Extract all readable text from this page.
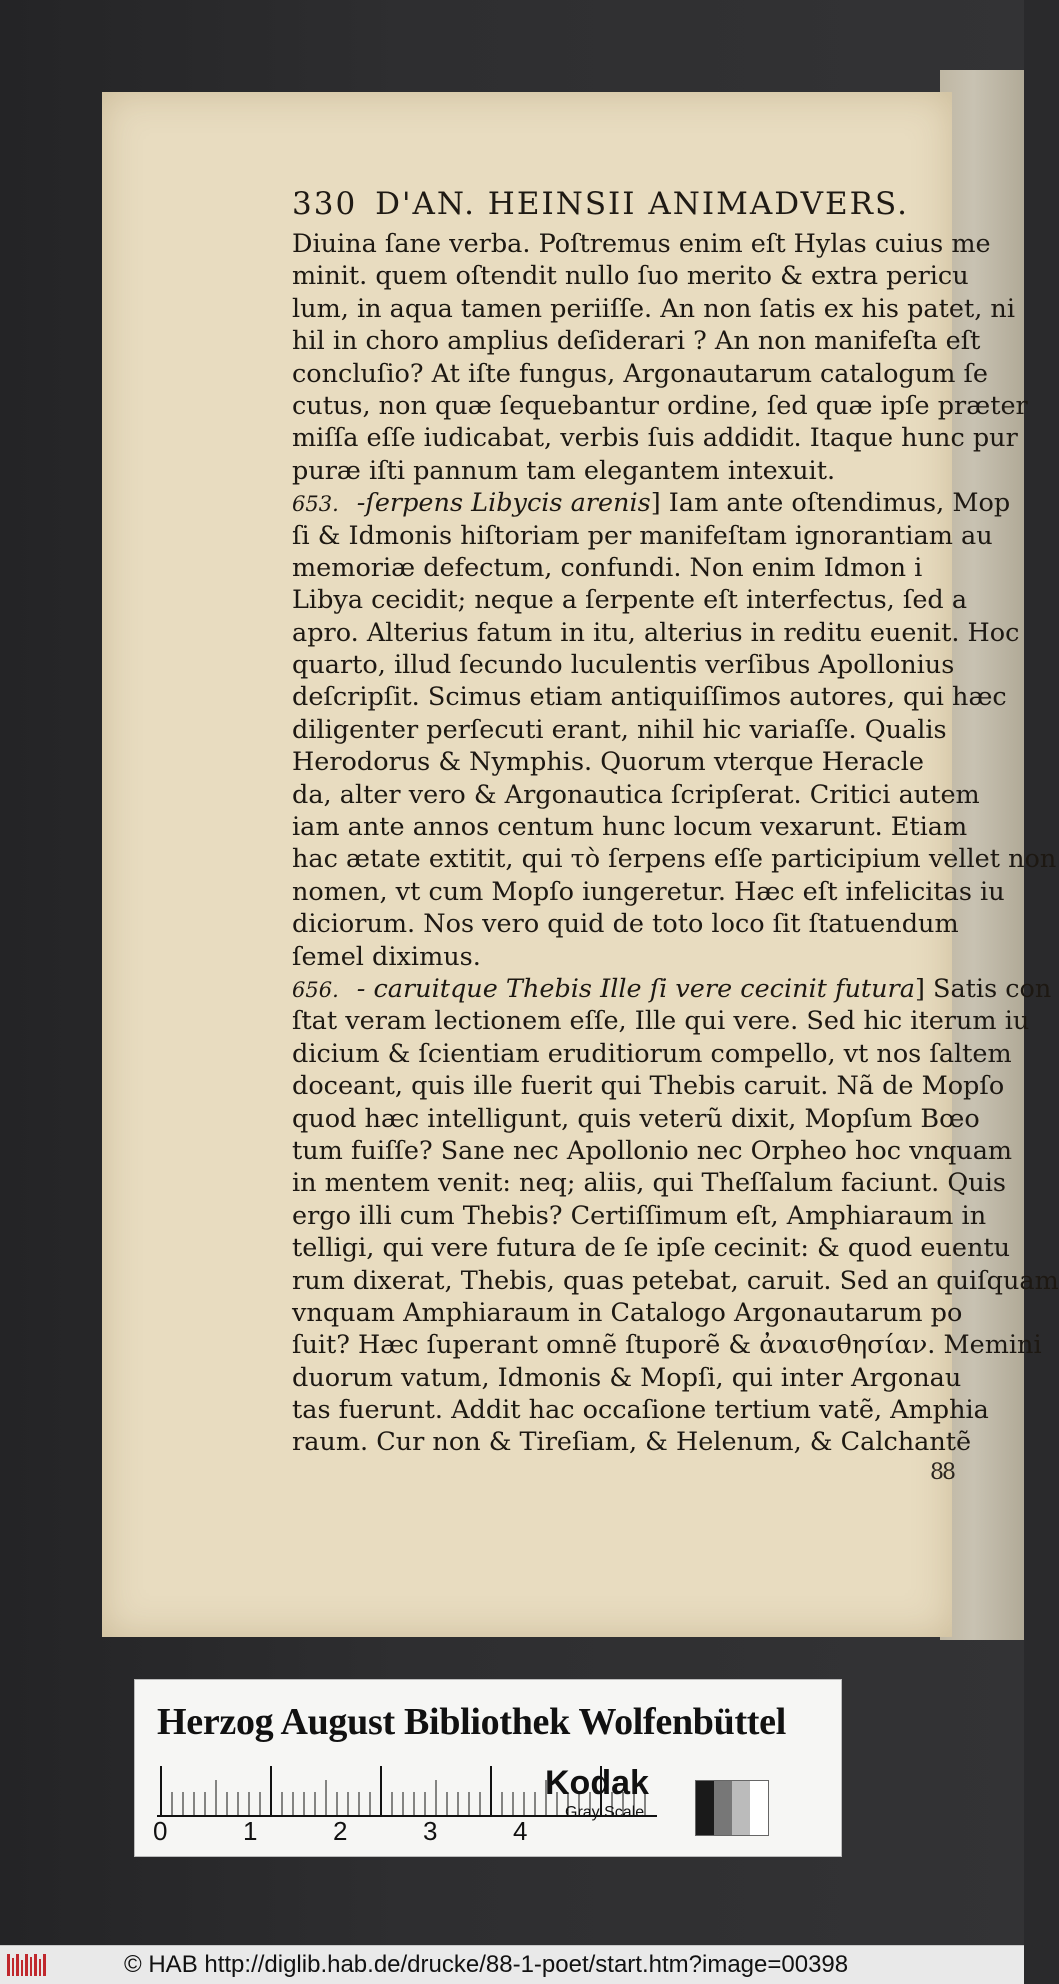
330 D'AN. HEINSII ANIMADVERS.
Diuina ſane verba. Poſtremus enim eſt Hylas cuius me
minit. quem oſtendit nullo ſuo merito & extra pericu
lum, in aqua tamen periiſſe. An non ſatis ex his patet, ni
hil in choro amplius deſiderari ? An non manifeſta eſt
concluſio? At iſte fungus, Argonautarum catalogum ſe
cutus, non quæ ſequebantur ordine, ſed quæ ipſe præter
miſſa eſſe iudicabat, verbis ſuis addidit. Itaque hunc pur
puræ iſti pannum tam elegantem intexuit.
653. -ſerpens Libycis arenis] Iam ante oſtendimus, Mop
ſi & Idmonis hiſtoriam per manifeſtam ignorantiam au
memoriæ defectum, confundi. Non enim Idmon i
Libya cecidit; neque a ſerpente eſt interfectus, ſed a
apro. Alterius fatum in itu, alterius in reditu euenit. Hoc
quarto, illud ſecundo luculentis verſibus Apollonius
deſcripſit. Scimus etiam antiquiſſimos autores, qui hæc
diligenter perſecuti erant, nihil hic variaſſe. Qualis
Herodorus & Nymphis. Quorum vterque Heracle
da, alter vero & Argonautica ſcripſerat. Critici autem
iam ante annos centum hunc locum vexarunt. Etiam
hac ætate extitit, qui τὸ ſerpens eſſe participium vellet non
nomen, vt cum Mopſo iungeretur. Hæc eſt infelicitas iu
diciorum. Nos vero quid de toto loco ſit ſtatuendum
ſemel diximus.
656. - caruitque Thebis Ille ſi vere cecinit futura] Satis con
ſtat veram lectionem eſſe, Ille qui vere. Sed hic iterum iu
dicium & ſcientiam eruditiorum compello, vt nos ſaltem
doceant, quis ille fuerit qui Thebis caruit. Nã de Mopſo
quod hæc intelligunt, quis veterũ dixit, Mopſum Bœo
tum fuiſſe? Sane nec Apollonio nec Orpheo hoc vnquam
in mentem venit: neq; aliis, qui Theſſalum faciunt. Quis
ergo illi cum Thebis? Certiſſimum eſt, Amphiaraum in
telligi, qui vere futura de ſe ipſe cecinit: & quod euentu
rum dixerat, Thebis, quas petebat, caruit. Sed an quiſquam
vnquam Amphiaraum in Catalogo Argonautarum po
ſuit? Hæc ſuperant omnẽ ſtuporẽ & ἀναισθησίαν. Memini
duorum vatum, Idmonis & Mopſi, qui inter Argonau
tas fuerunt. Addit hac occaſione tertium vatẽ, Amphia
raum. Cur non & Tireſiam, & Helenum, & Calchantẽ
88
Herzog August Bibliothek Wolfenbüttel
0	1	2	3	4
Kodak
Gray Scale
© HAB http://diglib.hab.de/drucke/88-1-poet/start.htm?image=00398
